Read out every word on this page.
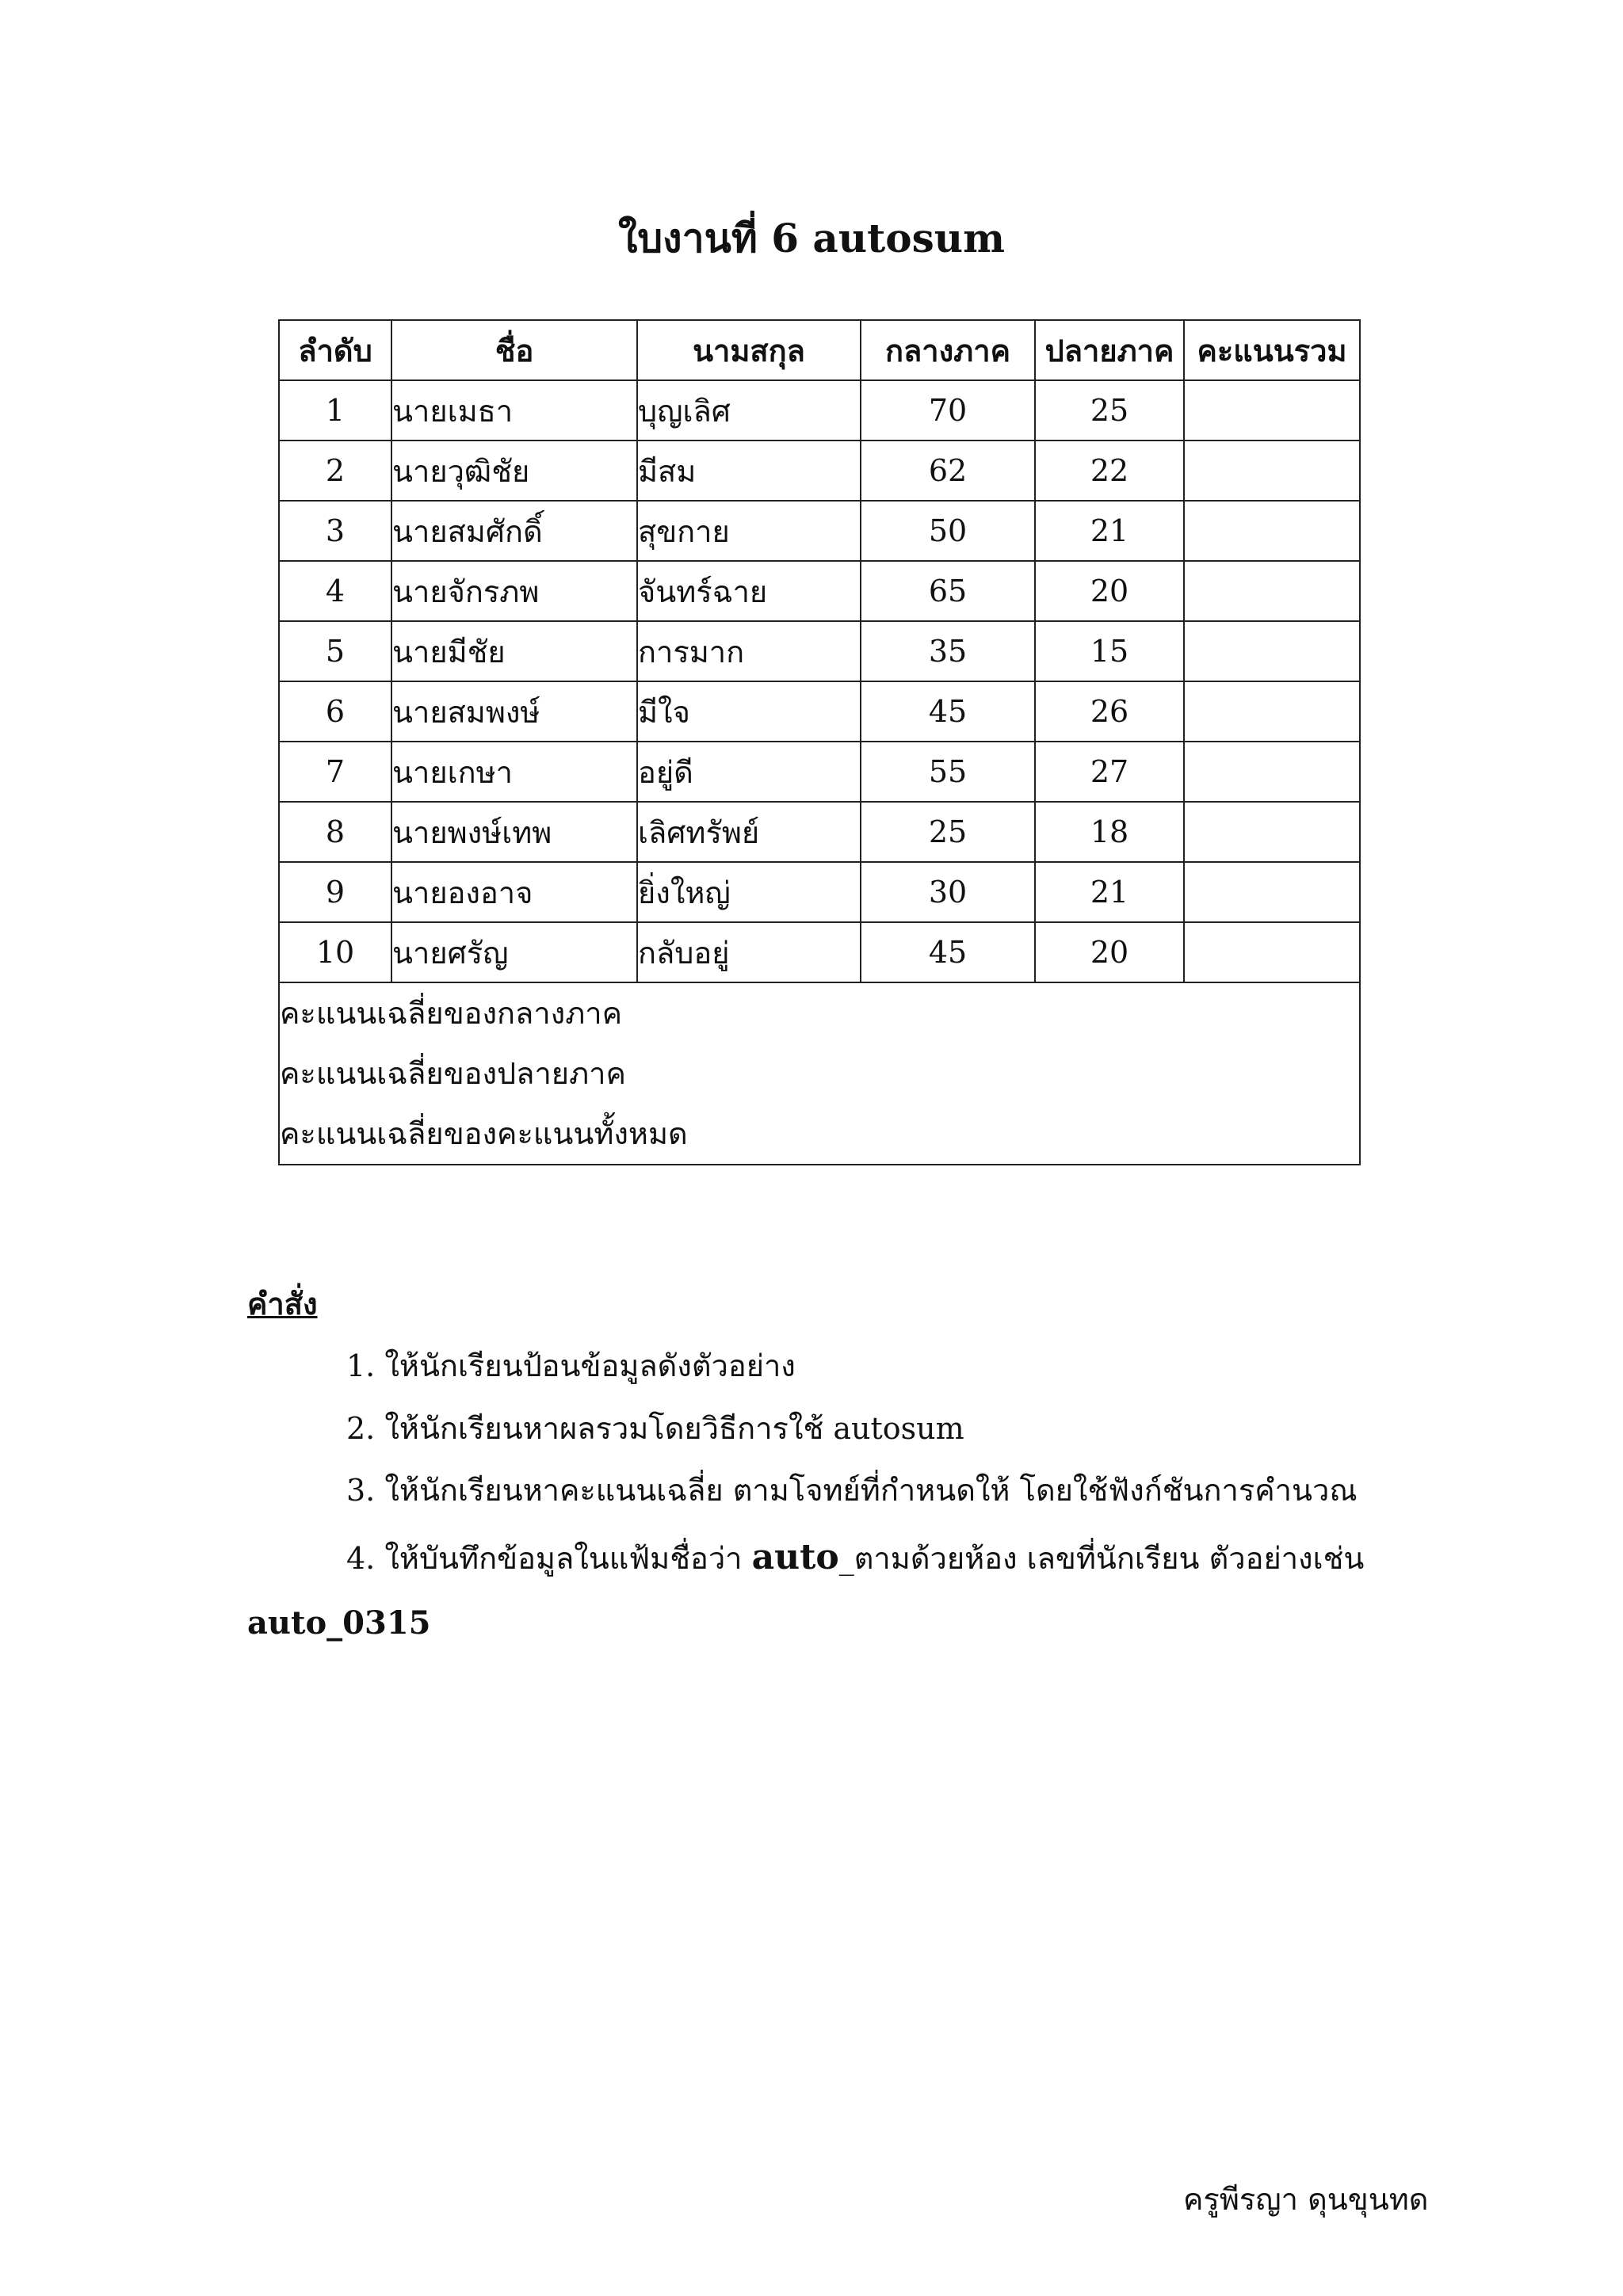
ใบงานที่ 6 autosum
ลำดับ	ชื่อ	นามสกุล	กลางภาค	ปลายภาค	คะแนนรวม
1	นายเมธา	บุญเลิศ	70	25	
2	นายวุฒิชัย	มีสม	62	22	
3	นายสมศักดิ์	สุขกาย	50	21	
4	นายจักรภพ	จันทร์ฉาย	65	20	
5	นายมีชัย	การมาก	35	15	
6	นายสมพงษ์	มีใจ	45	26	
7	นายเกษา	อยู่ดี	55	27	
8	นายพงษ์เทพ	เลิศทรัพย์	25	18	
9	นายองอาจ	ยิ่งใหญ่	30	21	
10	นายศรัญ	กลับอยู่	45	20	

คะแนนเฉลี่ยของกลางภาค
คะแนนเฉลี่ยของปลายภาค
คะแนนเฉลี่ยของคะแนนทั้งหมด					
คำสั่ง
1. ให้นักเรียนป้อนข้อมูลดังตัวอย่าง
2. ให้นักเรียนหาผลรวมโดยวิธีการใช้ autosum
3. ให้นักเรียนหาคะแนนเฉลี่ย ตามโจทย์ที่กำหนดให้ โดยใช้ฟังก์ชันการคำนวณ
4. ให้บันทึกข้อมูลในแฟ้มชื่อว่า auto_ตามด้วยห้อง เลขที่นักเรียน ตัวอย่างเช่น
auto_0315
ครูพีรญา ดุนขุนทด
